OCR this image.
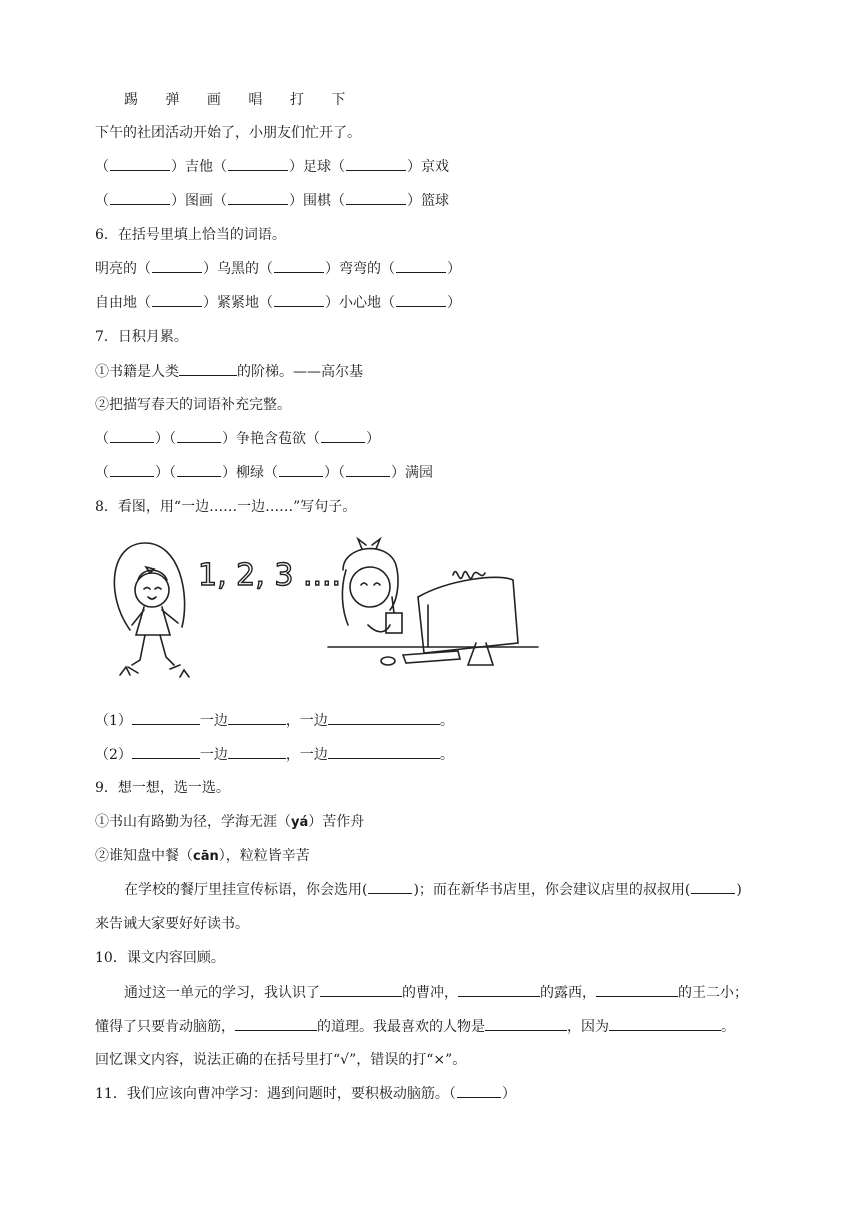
踢 弹 画 唱 打 下
下午的社团活动开始了，小朋友们忙开了。
（	）吉他（	）足球（	）京戏
（	）图画（	）围棋（	）篮球
6．在括号里填上恰当的词语。
明亮的（	）乌黑的（	）弯弯的（	）
自由地（	）紧紧地（	）小心地（	）
7．日积月累。
①书籍是人类	的阶梯。——高尔基
②把描写春天的词语补充完整。
（	）（	）争艳含苞欲（	）
（	）（	）柳绿（	）（	）满园
8．看图，用“一边……一边……”写句子。
1, 2, 3 ....
（1）	一边	，一边	。
（2）	一边	，一边	。
9．想一想，选一选。
①书山有路勤为径，学海无涯（yá）苦作舟
②谁知盘中餐（cān），粒粒皆辛苦
在学校的餐厅里挂宣传标语，你会选用(	)；而在新华书店里，你会建议店里的叔叔用(	)
来告诫大家要好好读书。
10．课文内容回顾。
通过这一单元的学习，我认识了	的曹冲，	的露西，	的王二小；
懂得了只要肯动脑筋，	的道理。我最喜欢的人物是	，因为	。
回忆课文内容，说法正确的在括号里打“√”，错误的打“×”。
11．我们应该向曹冲学习：遇到问题时，要积极动脑筋。（	）
